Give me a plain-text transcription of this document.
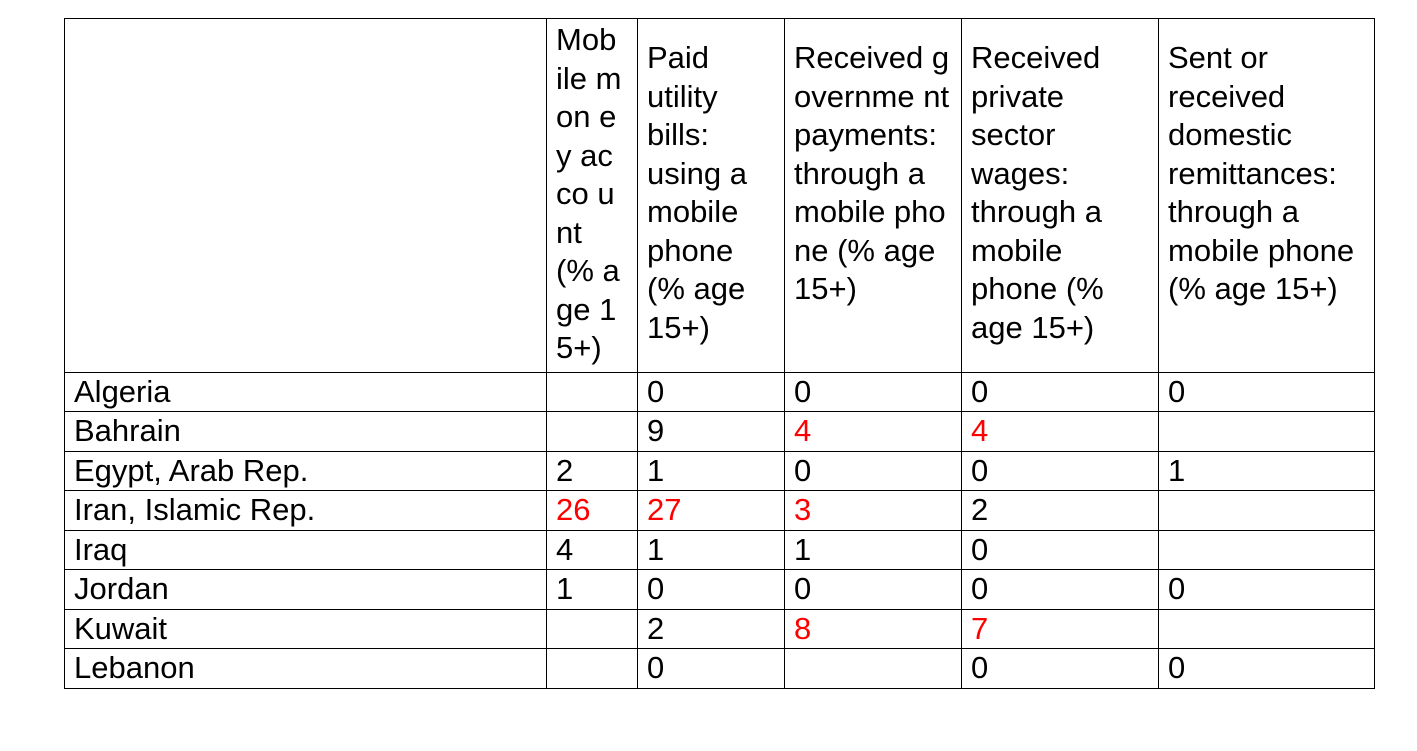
	Mob ile mon ey acco unt (% age 15+)	Paid utility bills: using a mobile phone (% age 15+)	Received governme nt payments: through a mobile phone (% age 15+)	Received private sector wages: through a mobile phone (% age 15+)	Sent or received domestic remittances: through a mobile phone (% age 15+)
Algeria		0	0	0	0
Bahrain		9	4	4	
Egypt, Arab Rep.	2	1	0	0	1
Iran, Islamic Rep.	26	27	3	2	
Iraq	4	1	1	0	
Jordan	1	0	0	0	0
Kuwait		2	8	7	
Lebanon		0		0	0
